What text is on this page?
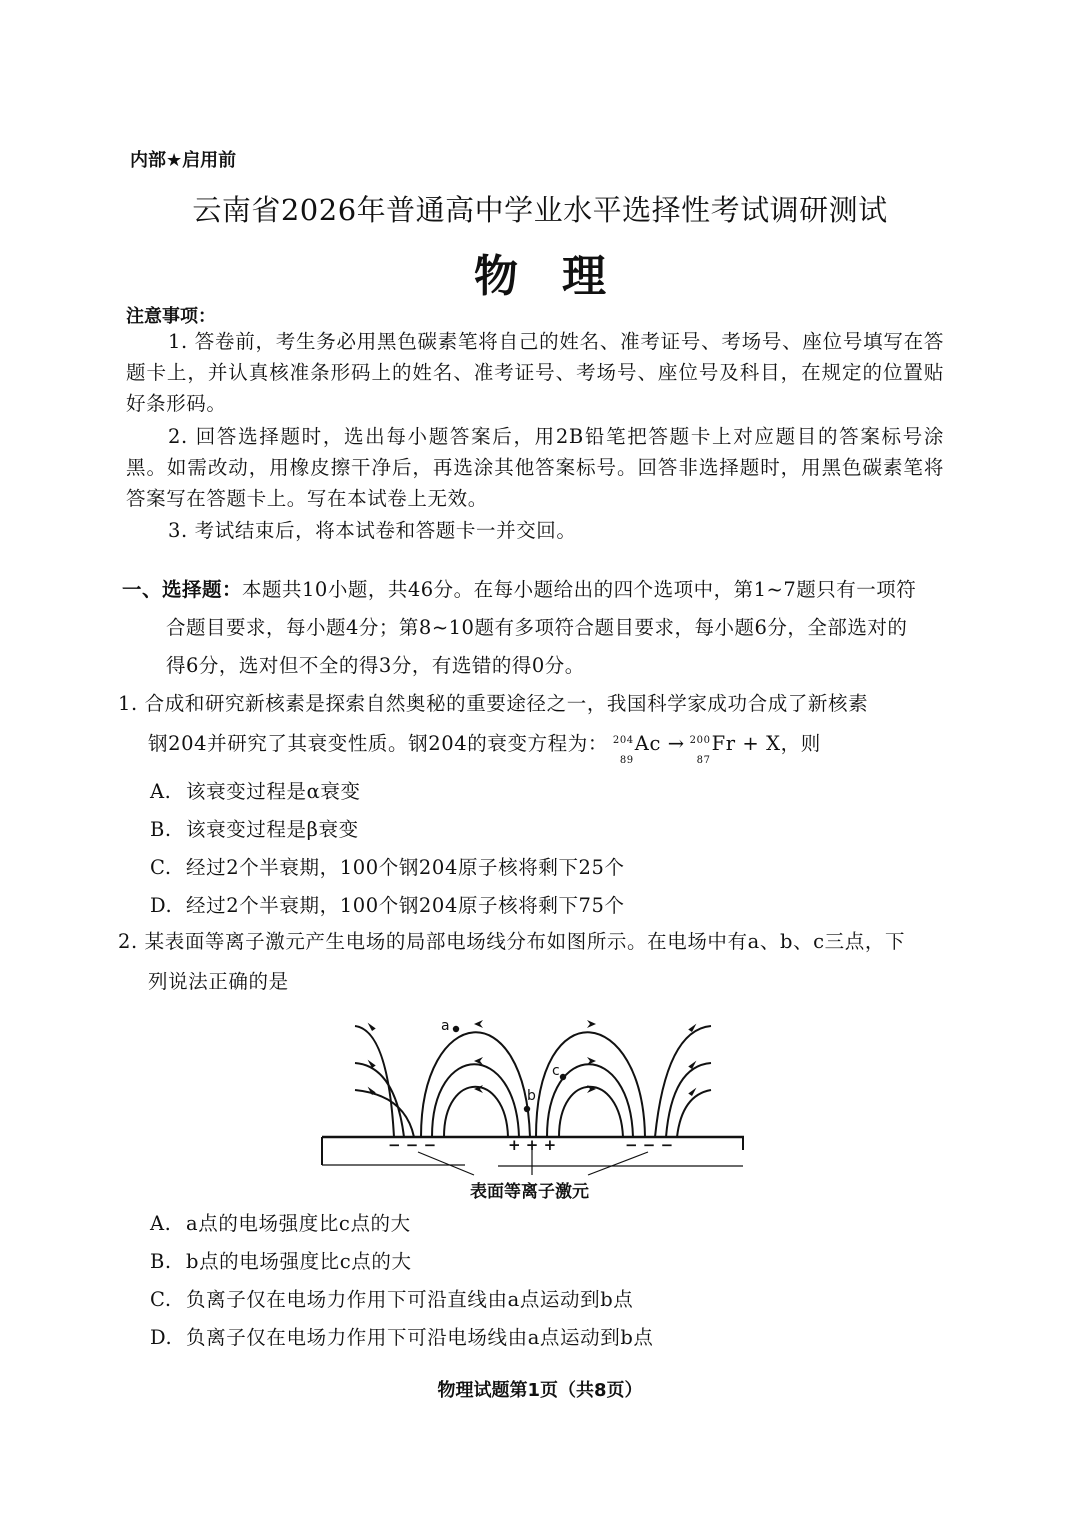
内部★启用前
云南省2026年普通高中学业水平选择性考试调研测试
物 理
注意事项：
1. 答卷前，考生务必用黑色碳素笔将自己的姓名、准考证号、考场号、座位号填写在答题卡上，并认真核准条形码上的姓名、准考证号、考场号、座位号及科目，在规定的位置贴好条形码。
2. 回答选择题时，选出每小题答案后，用2B铅笔把答题卡上对应题目的答案标号涂黑。如需改动，用橡皮擦干净后，再选涂其他答案标号。回答非选择题时，用黑色碳素笔将答案写在答题卡上。写在本试卷上无效。
3. 考试结束后，将本试卷和答题卡一并交回。
一、选择题：本题共10小题，共46分。在每小题给出的四个选项中，第1~7题只有一项符
合题目要求，每小题4分；第8~10题有多项符合题目要求，每小题6分，全部选对的
得6分，选对但不全的得3分，有选错的得0分。
1. 合成和研究新核素是探索自然奥秘的重要途径之一，我国科学家成功合成了新核素
钢204并研究了其衰变性质。钢204的衰变方程为： 204
89
Ac → 200
87
Fr + X，则
A. 该衰变过程是α衰变
B. 该衰变过程是β衰变
C. 经过2个半衰期，100个钢204原子核将剩下25个
D. 经过2个半衰期，100个钢204原子核将剩下75个
2. 某表面等离子激元产生电场的局部电场线分布如图所示。在电场中有a、b、c三点，下
列说法正确的是
a
b
c
− − −	+ + +	− − −
表面等离子激元
A. a点的电场强度比c点的大
B. b点的电场强度比c点的大
C. 负离子仅在电场力作用下可沿直线由a点运动到b点
D. 负离子仅在电场力作用下可沿电场线由a点运动到b点
物理试题第1页（共8页）
